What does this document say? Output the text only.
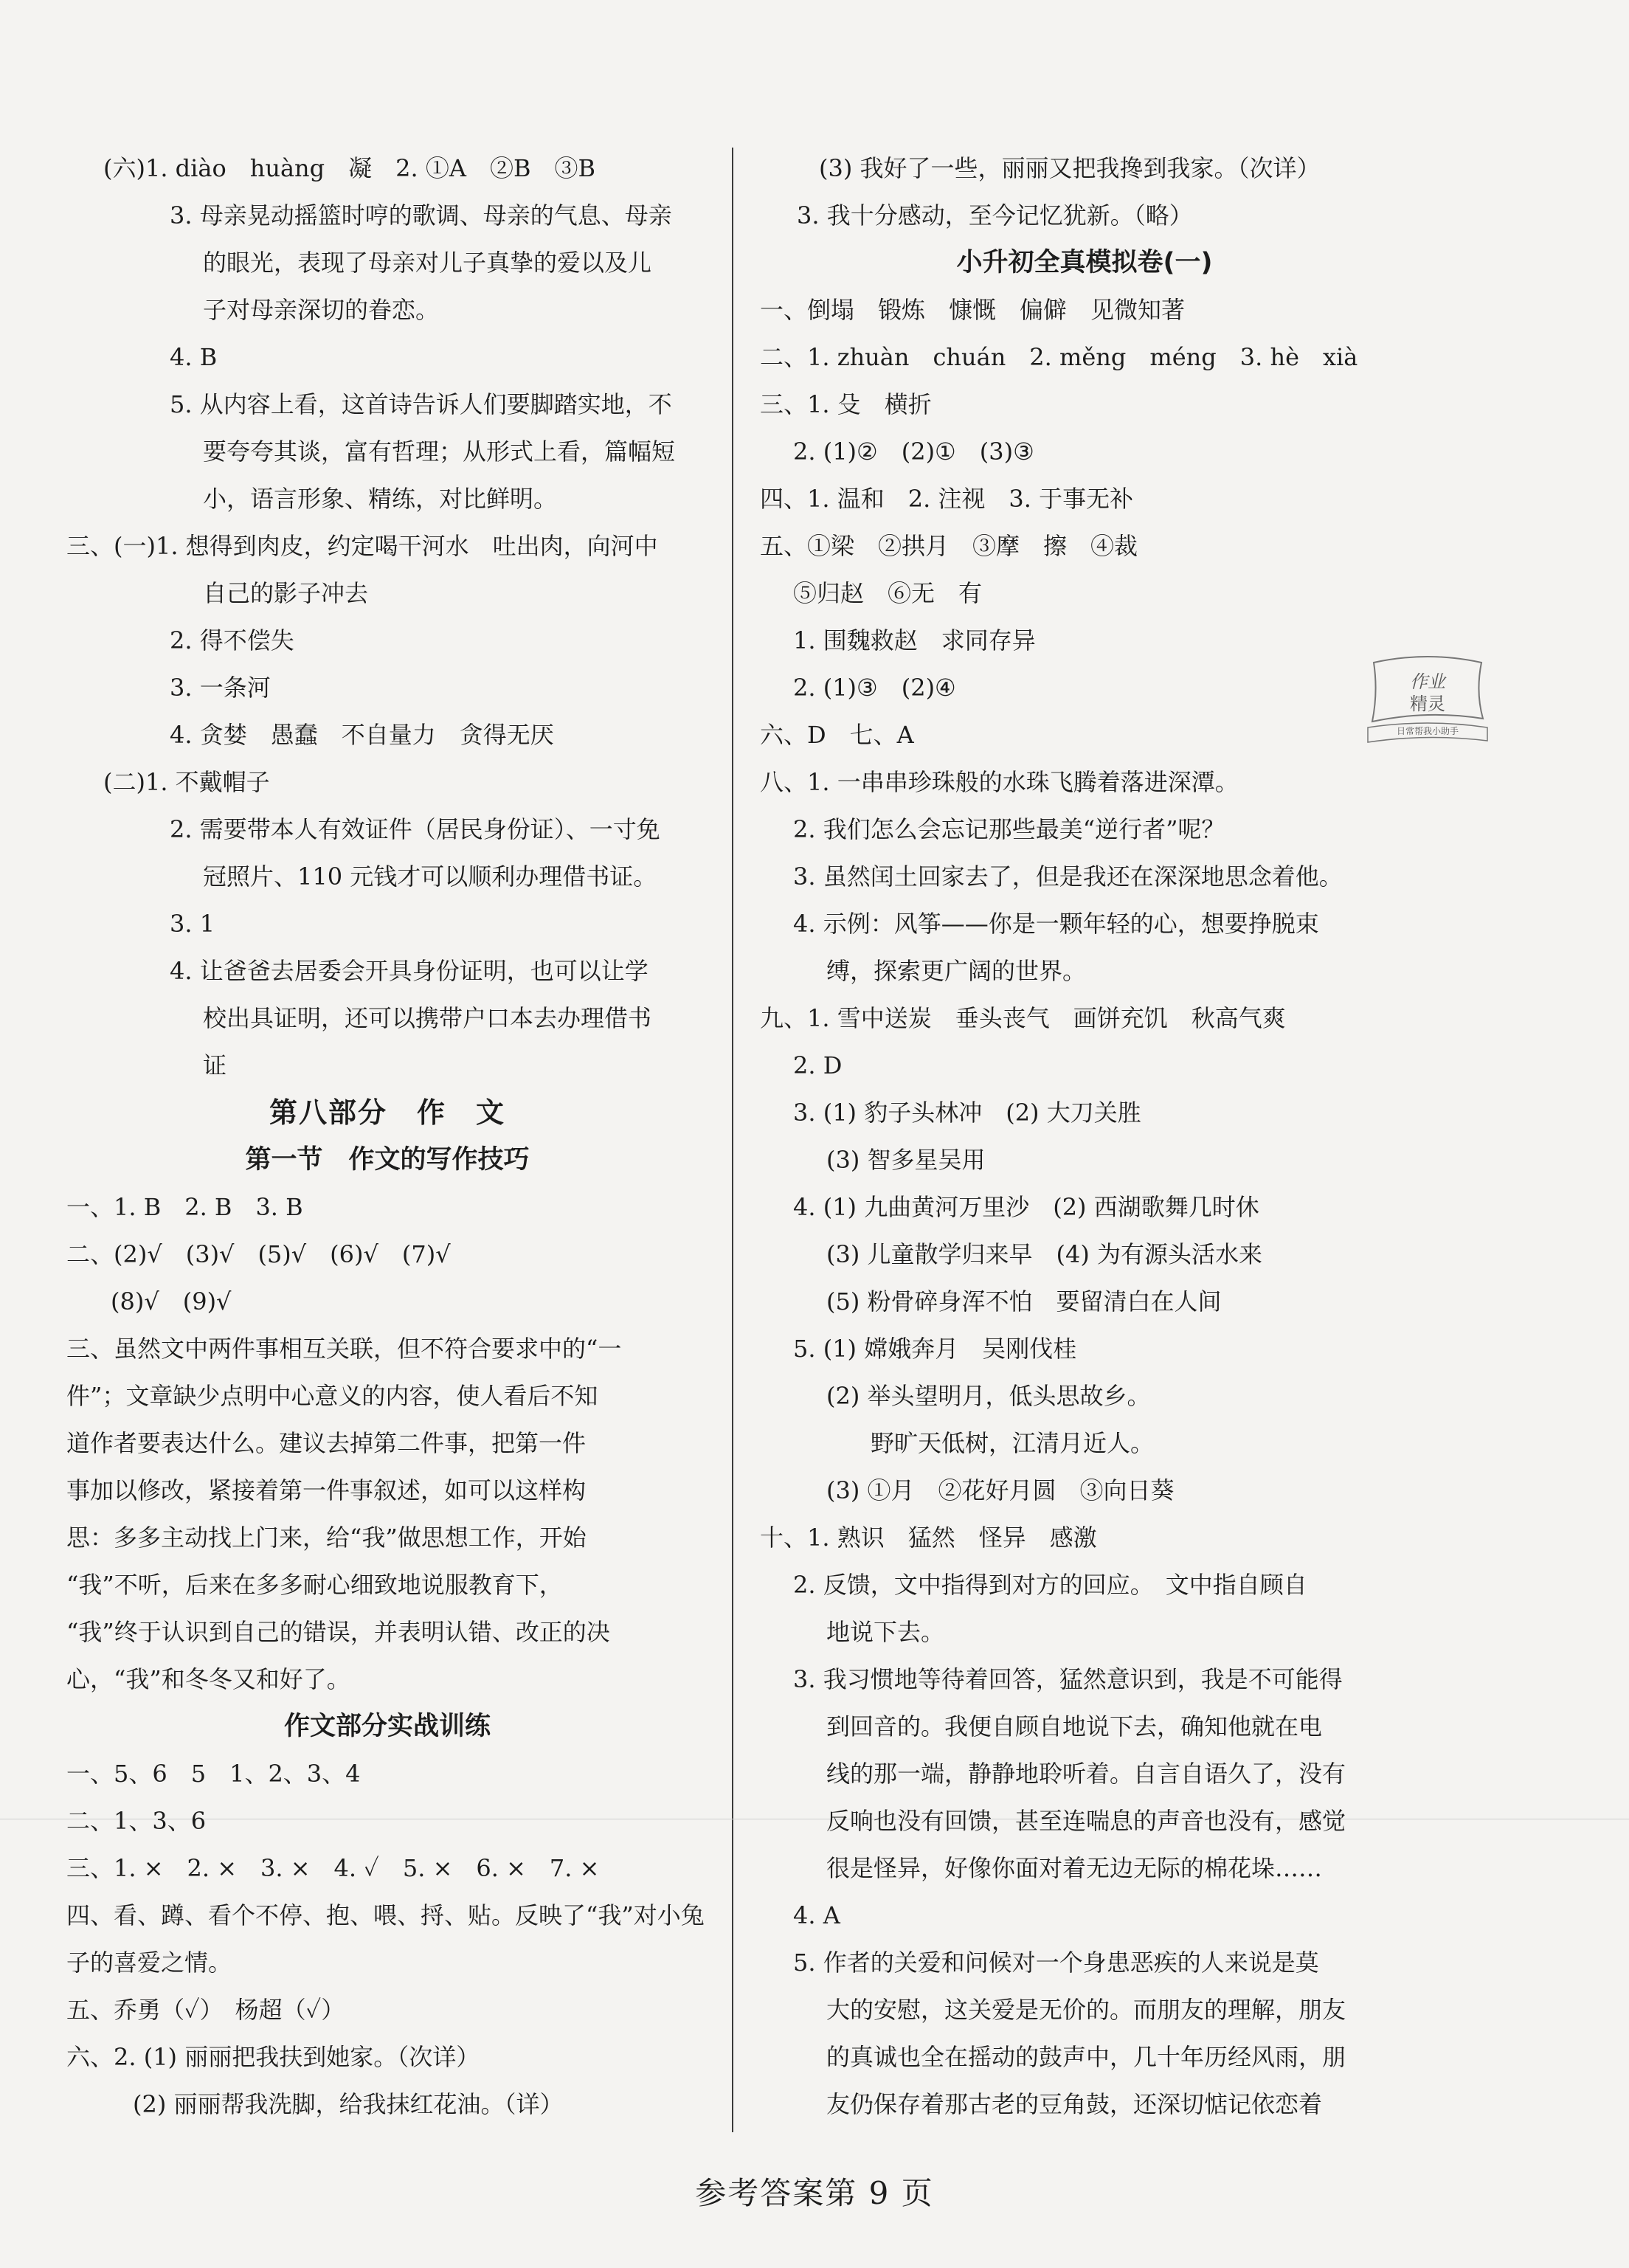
(六)1. diào　huàng　凝　2. ①A　②B　③B
3. 母亲晃动摇篮时哼的歌调、母亲的气息、母亲
的眼光，表现了母亲对儿子真挚的爱以及儿
子对母亲深切的眷恋。
4. B
5. 从内容上看，这首诗告诉人们要脚踏实地，不
要夸夸其谈，富有哲理；从形式上看，篇幅短
小，语言形象、精练，对比鲜明。
三、(一)1. 想得到肉皮，约定喝干河水　吐出肉，向河中
自己的影子冲去
2. 得不偿失
3. 一条河
4. 贪婪　愚蠢　不自量力　贪得无厌
(二)1. 不戴帽子
2. 需要带本人有效证件（居民身份证）、一寸免
冠照片、110 元钱才可以顺利办理借书证。
3. 1
4. 让爸爸去居委会开具身份证明，也可以让学
校出具证明，还可以携带户口本去办理借书
证
第八部分　作　文
第一节　作文的写作技巧
一、1. B　2. B　3. B
二、(2)√　(3)√　(5)√　(6)√　(7)√
(8)√　(9)√
三、虽然文中两件事相互关联，但不符合要求中的“一
件”；文章缺少点明中心意义的内容，使人看后不知
道作者要表达什么。建议去掉第二件事，把第一件
事加以修改，紧接着第一件事叙述，如可以这样构
思：多多主动找上门来，给“我”做思想工作，开始
“我”不听，后来在多多耐心细致地说服教育下，
“我”终于认识到自己的错误，并表明认错、改正的决
心，“我”和冬冬又和好了。
作文部分实战训练
一、5、6　5　1、2、3、4
二、1、3、6
三、1. ×　2. ×　3. ×　4. ✓　5. ×　6. ×　7. ×
四、看、蹲、看个不停、抱、喂、捋、贴。反映了“我”对小兔
子的喜爱之情。
五、乔勇（✓）　杨超（✓）
六、2. (1) 丽丽把我扶到她家。（次详）
(2) 丽丽帮我洗脚，给我抹红花油。（详）
(3) 我好了一些，丽丽又把我搀到我家。（次详）
3. 我十分感动，至今记忆犹新。（略）
小升初全真模拟卷(一)
一、倒塌　锻炼　慷慨　偏僻　见微知著
二、1. zhuàn　chuán　2. měng　méng　3. hè　xià
三、1. 殳　横折
2. (1)②　(2)①　(3)③
四、1. 温和　2. 注视　3. 于事无补
五、①梁　②拱月　③摩　擦　④裁
⑤归赵　⑥无　有
1. 围魏救赵　求同存异
2. (1)③　(2)④
六、D　七、A
八、1. 一串串珍珠般的水珠飞腾着落进深潭。
2. 我们怎么会忘记那些最美“逆行者”呢？
3. 虽然闰土回家去了，但是我还在深深地思念着他。
4. 示例：风筝——你是一颗年轻的心，想要挣脱束
缚，探索更广阔的世界。
九、1. 雪中送炭　垂头丧气　画饼充饥　秋高气爽
2. D
3. (1) 豹子头林冲　(2) 大刀关胜
(3) 智多星吴用
4. (1) 九曲黄河万里沙　(2) 西湖歌舞几时休
(3) 儿童散学归来早　(4) 为有源头活水来
(5) 粉骨碎身浑不怕　要留清白在人间
5. (1) 嫦娥奔月　吴刚伐桂
(2) 举头望明月，低头思故乡。
野旷天低树，江清月近人。
(3) ①月　②花好月圆　③向日葵
十、1. 熟识　猛然　怪异　感激
2. 反馈，文中指得到对方的回应。　文中指自顾自
地说下去。
3. 我习惯地等待着回答，猛然意识到，我是不可能得
到回音的。我便自顾自地说下去，确知他就在电
线的那一端，静静地聆听着。自言自语久了，没有
反响也没有回馈，甚至连喘息的声音也没有，感觉
很是怪异，好像你面对着无边无际的棉花垛……
4. A
5. 作者的关爱和问候对一个身患恶疾的人来说是莫
大的安慰，这关爱是无价的。而朋友的理解，朋友
的真诚也全在摇动的鼓声中，几十年历经风雨，朋
友仍保存着那古老的豆角鼓，还深切惦记依恋着
作业
精灵
日常帮我小助手
参考答案第 9 页
